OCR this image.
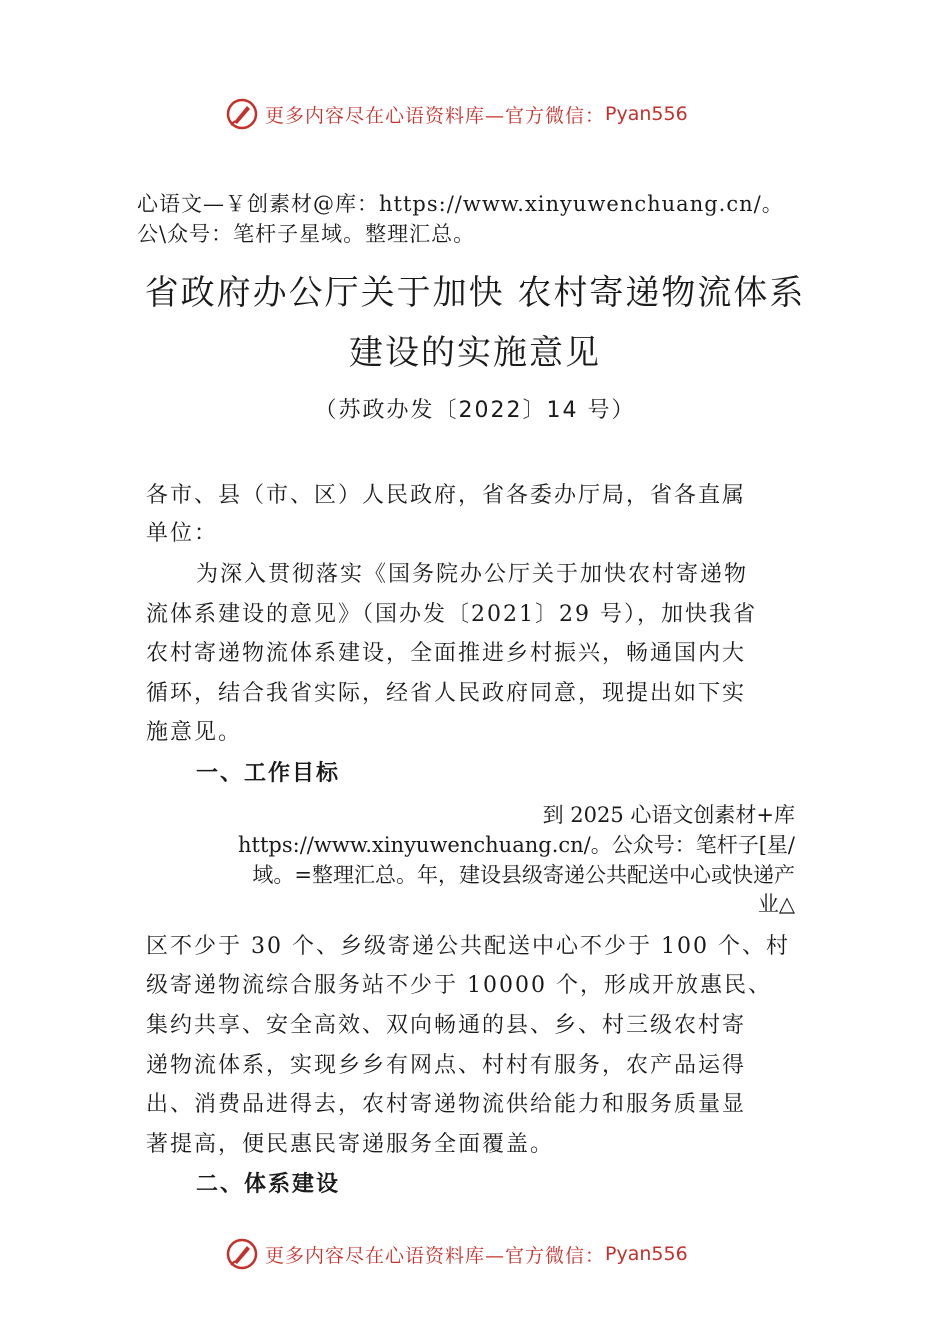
更多内容尽在心语资料库—官方微信： Pyan556
心语文—￥创素材@库：https://www.xinyuwenchuang.cn/。
公\众号：笔杆子星域。整理汇总。
省政府办公厅关于加快 农村寄递物流体系
建设的实施意见
（苏政办发〔2022〕14 号）
各市、县（市、区）人民政府，省各委办厅局，省各直属
单位：
为深入贯彻落实《国务院办公厅关于加快农村寄递物
流体系建设的意见》（国办发〔2021〕29 号），加快我省
农村寄递物流体系建设，全面推进乡村振兴，畅通国内大
循环，结合我省实际，经省人民政府同意，现提出如下实
施意见。
一、工作目标
到 2025 心语文创素材+库
https://www.xinyuwenchuang.cn/。公众号：笔杆子[星/
域。=整理汇总。年，建设县级寄递公共配送中心或快递产
业△
区不少于 30 个、乡级寄递公共配送中心不少于 100 个、村
级寄递物流综合服务站不少于 10000 个，形成开放惠民、
集约共享、安全高效、双向畅通的县、乡、村三级农村寄
递物流体系，实现乡乡有网点、村村有服务，农产品运得
出、消费品进得去，农村寄递物流供给能力和服务质量显
著提高，便民惠民寄递服务全面覆盖。
二、体系建设
更多内容尽在心语资料库—官方微信： Pyan556
